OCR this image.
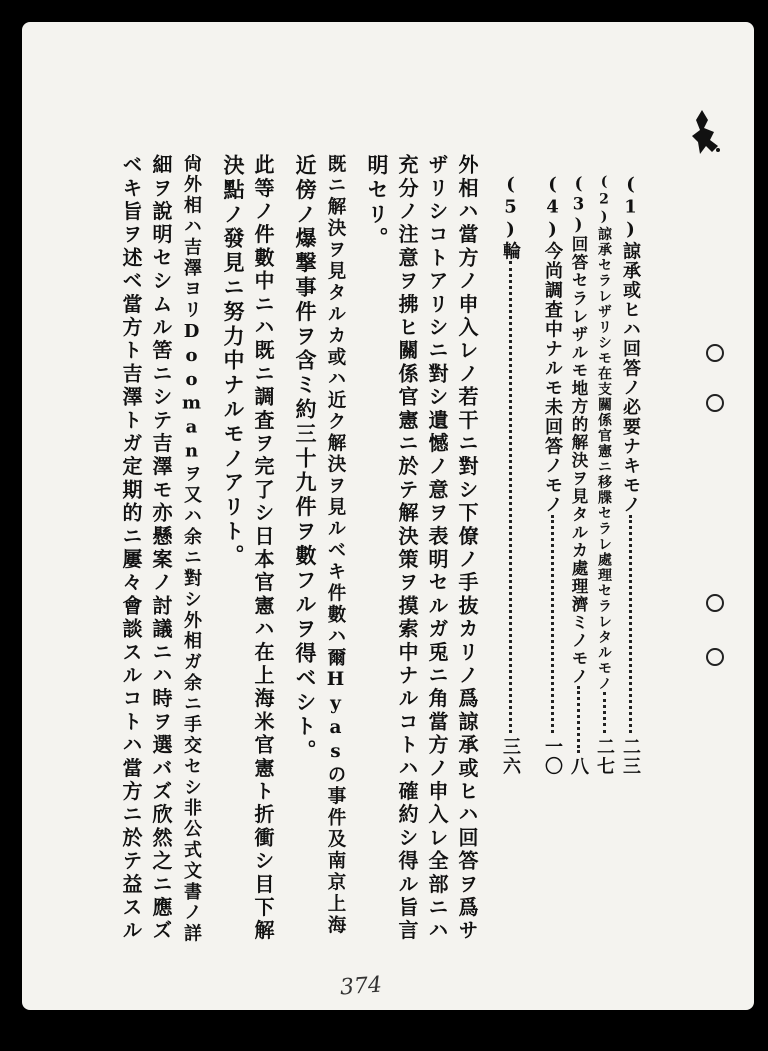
(1)諒承或ヒハ回答ノ必要ナキモノ
二三
(2)諒承セラレザリシモ在支關係官憲ニ移牒セラレ處理セラレタルモノ
二七
(3)回答セラレザルモ地方的解決ヲ見タルカ處理濟ミノモノ
八
(4)今尚調査中ナルモ未回答ノモノ
一〇
(5)輪
三六
外相ハ當方ノ申入レノ若干ニ對シ下僚ノ手抜カリノ爲諒承或ヒハ回答ヲ爲サ
ザリシコトアリシニ對シ遺憾ノ意ヲ表明セルガ兎ニ角當方ノ申入レ全部ニハ
充分ノ注意ヲ拂ヒ關係官憲ニ於テ解決策ヲ摸索中ナルコトハ確約シ得ル旨言
明セリ。
既ニ解決ヲ見タルカ或ハ近ク解決ヲ見ルベキ件數ハ爾Hyasの事件及南京上海
近傍ノ爆撃事件ヲ含ミ約三十九件ヲ數フルヲ得ベシト。
此等ノ件數中ニハ既ニ調査ヲ完了シ日本官憲ハ在上海米官憲ト折衝シ目下解
決點ノ發見ニ努力中ナルモノアリト。
尙外相ハ吉澤ヨリDoomanヲ又ハ余ニ對シ外相ガ余ニ手交セシ非公式文書ノ詳
細ヲ說明セシムル筈ニシテ吉澤モ亦懸案ノ討議ニハ時ヲ選バズ欣然之ニ應ズ
ベキ旨ヲ述ベ當方ト吉澤トガ定期的ニ屢々會談スルコトハ當方ニ於テ益スル
374
